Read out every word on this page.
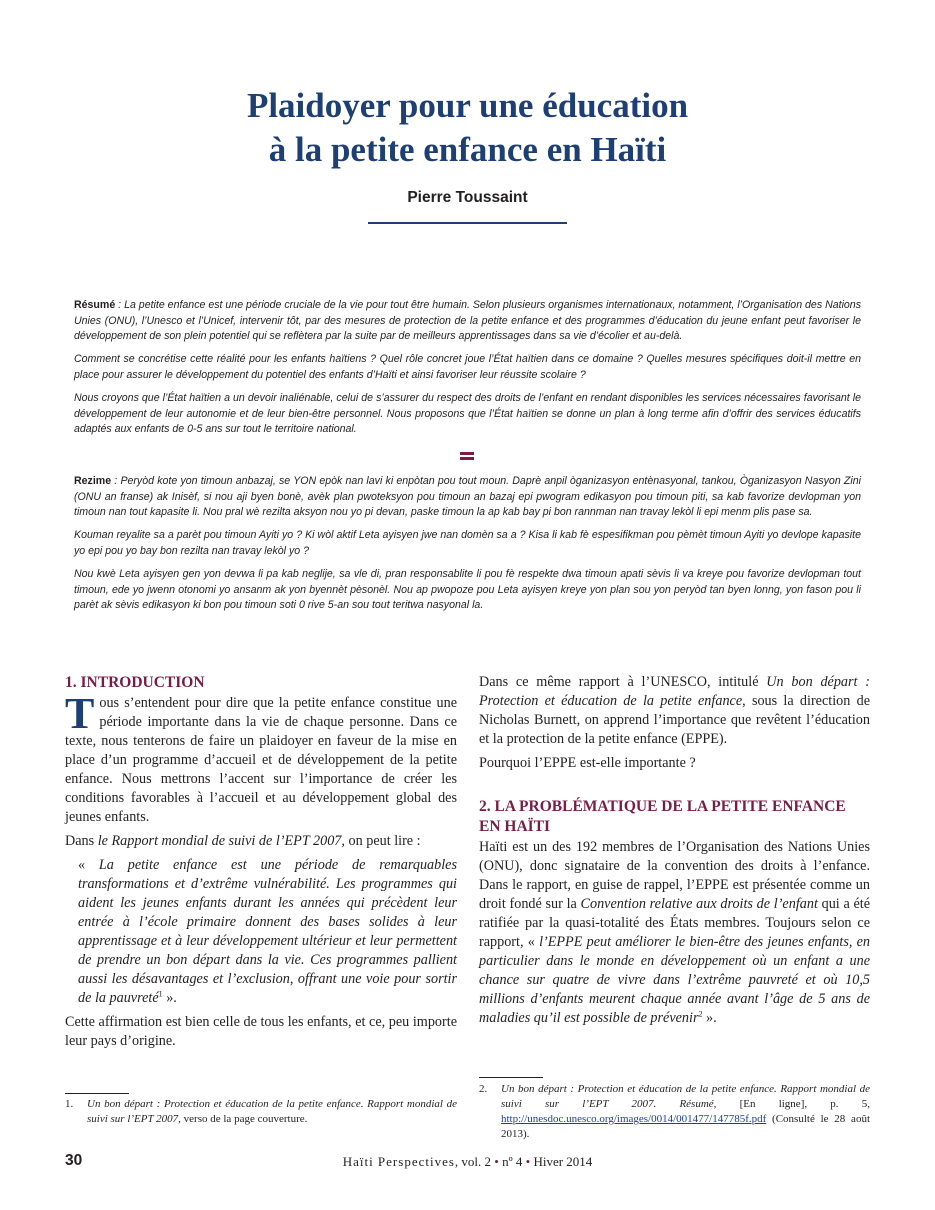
Plaidoyer pour une éducation
à la petite enfance en Haïti
Pierre Toussaint

Résumé : La petite enfance est une période cruciale de la vie pour tout être humain. Selon plusieurs organismes internationaux, notamment, l’Organisation des Nations Unies (ONU), l’Unesco et l’Unicef, intervenir tôt, par des mesures de protection de la petite enfance et des programmes d’éducation du jeune enfant peut favoriser le développement de son plein potentiel qui se reflètera par la suite par de meilleurs apprentissages dans sa vie d’écolier et au-delà.

Comment se concrétise cette réalité pour les enfants haïtiens ? Quel rôle concret joue l’État haïtien dans ce domaine ? Quelles mesures spécifiques doit-il mettre en place pour assurer le développement du potentiel des enfants d’Haïti et ainsi favoriser leur réussite scolaire ?

Nous croyons que l’État haïtien a un devoir inaliénable, celui de s’assurer du respect des droits de l’enfant en rendant disponibles les services nécessaires favorisant le développement de leur autonomie et de leur bien-être personnel. Nous proposons que l’État haïtien se donne un plan à long terme afin d’offrir des services éducatifs adaptés aux enfants de 0-5 ans sur tout le territoire national.

Rezime : Peryòd kote yon timoun anbazaj, se YON epòk nan lavi ki enpòtan pou tout moun. Daprè anpil òganizasyon entènasyonal, tankou, Òganizasyon Nasyon Zini (ONU an franse) ak Inisèf, si nou aji byen bonè, avèk plan pwoteksyon pou timoun an bazaj epi pwogram edikasyon pou timoun piti, sa kab favorize devlopman yon timoun nan tout kapasite li. Nou pral wè rezilta aksyon nou yo pi devan, paske timoun la ap kab bay pi bon rannman nan travay lekòl li epi menm plis pase sa.

Kouman reyalite sa a parèt pou timoun Ayiti yo ? Ki wòl aktif Leta ayisyen jwe nan domèn sa a ? Kisa li kab fè espesifikman pou pèmèt timoun Ayiti yo devlope kapasite yo epi pou yo bay bon rezilta nan travay lekòl yo ?

Nou kwè Leta ayisyen gen yon devwa li pa kab neglije, sa vle di, pran responsablite li pou fè respekte dwa timoun apati sèvis li va kreye pou favorize devlopman tout timoun, ede yo jwenn otonomi yo ansanm ak yon byennèt pèsonèl. Nou ap pwopoze pou Leta ayisyen kreye yon plan sou yon peryòd tan byen lonng, yon fason pou li parèt ak sèvis edikasyon ki bon pou timoun soti 0 rive 5-an sou tout teritwa nasyonal la.

1. INTRODUCTION

Tous s’entendent pour dire que la petite enfance constitue une période importante dans la vie de chaque personne. Dans ce texte, nous tenterons de faire un plaidoyer en faveur de la mise en place d’un programme d’accueil et de développement de la petite enfance. Nous mettrons l’accent sur l’importance de créer les conditions favorables à l’accueil et au développement global des jeunes enfants.

Dans le Rapport mondial de suivi de l’EPT 2007, on peut lire :

« La petite enfance est une période de remarquables transformations et d’extrême vulnérabilité. Les programmes qui aident les jeunes enfants durant les années qui précèdent leur entrée à l’école primaire donnent des bases solides à leur apprentissage et à leur développement ultérieur et leur permettent de prendre un bon départ dans la vie. Ces programmes pallient aussi les désavantages et l’exclusion, offrant une voie pour sortir de la pauvreté$^1$ ».

Cette affirmation est bien celle de tous les enfants, et ce, peu importe leur pays d’origine.

Dans ce même rapport à l’UNESCO, intitulé Un bon départ : Protection et éducation de la petite enfance, sous la direction de Nicholas Burnett, on apprend l’importance que revêtent l’éducation et la protection de la petite enfance (EPPE).

Pourquoi l’EPPE est-elle importante ?

2. LA PROBLÉMATIQUE DE LA PETITE ENFANCE
EN HAÏTI

Haïti est un des 192 membres de l’Organisation des Nations Unies (ONU), donc signataire de la convention des droits à l’enfance. Dans le rapport, en guise de rappel, l’EPPE est présentée comme un droit fondé sur la Convention relative aux droits de l’enfant qui a été ratifiée par la quasi-totalité des États membres. Toujours selon ce rapport, « l’EPPE peut améliorer le bien-être des jeunes enfants, en particulier dans le monde en développement où un enfant a une chance sur quatre de vivre dans l’extrême pauvreté et où 10,5 millions d’enfants meurent chaque année avant l’âge de 5 ans de maladies qu’il est possible de prévenir$^2$ ».

1. Un bon départ : Protection et éducation de la petite enfance. Rapport mondial de suivi sur l’EPT 2007, verso de la page couverture.
2. Un bon départ : Protection et éducation de la petite enfance. Rapport mondial de suivi sur l’EPT 2007. Résumé, [En ligne], p. 5, http://unesdoc.unesco.org/images/0014/001477/147785f.pdf (Consulté le 28 août 2013).
30	Haïti Perspectives, vol. 2 • nº 4 • Hiver 2014
